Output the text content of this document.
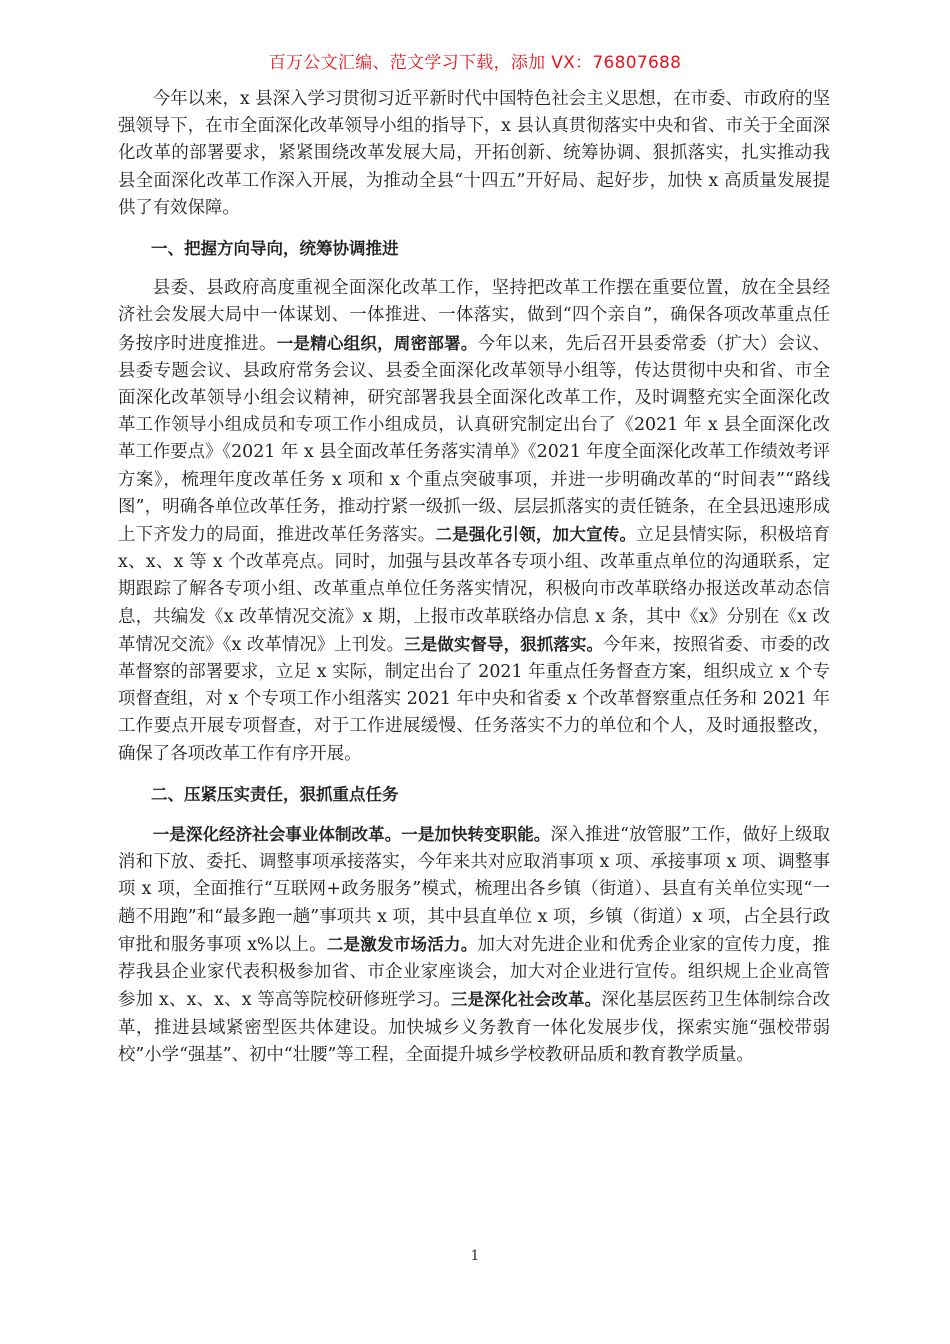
百万公文汇编、范文学习下载，添加 VX：76807688

今年以来，x 县深入学习贯彻习近平新时代中国特色社会主义思想，在市委、市政府的坚强领导下，在市全面深化改革领导小组的指导下，x 县认真贯彻落实中央和省、市关于全面深化改革的部署要求，紧紧围绕改革发展大局，开拓创新、统筹协调、狠抓落实，扎实推动我县全面深化改革工作深入开展，为推动全县“十四五”开好局、起好步，加快 x 高质量发展提供了有效保障。

一、把握方向导向，统筹协调推进

县委、县政府高度重视全面深化改革工作，坚持把改革工作摆在重要位置，放在全县经济社会发展大局中一体谋划、一体推进、一体落实，做到“四个亲自”，确保各项改革重点任务按序时进度推进。一是精心组织，周密部署。今年以来，先后召开县委常委（扩大）会议、县委专题会议、县政府常务会议、县委全面深化改革领导小组等，传达贯彻中央和省、市全面深化改革领导小组会议精神，研究部署我县全面深化改革工作，及时调整充实全面深化改革工作领导小组成员和专项工作小组成员，认真研究制定出台了《2021 年 x 县全面深化改革工作要点》《2021 年 x 县全面改革任务落实清单》《2021 年度全面深化改革工作绩效考评方案》，梳理年度改革任务 x 项和 x 个重点突破事项，并进一步明确改革的“时间表”“路线图”，明确各单位改革任务，推动拧紧一级抓一级、层层抓落实的责任链条，在全县迅速形成上下齐发力的局面，推进改革任务落实。二是强化引领，加大宣传。立足县情实际，积极培育 x、x、x 等 x 个改革亮点。同时，加强与县改革各专项小组、改革重点单位的沟通联系，定期跟踪了解各专项小组、改革重点单位任务落实情况，积极向市改革联络办报送改革动态信息，共编发《x 改革情况交流》x 期，上报市改革联络办信息 x 条，其中《x》分别在《x 改革情况交流》《x 改革情况》上刊发。三是做实督导，狠抓落实。今年来，按照省委、市委的改革督察的部署要求，立足 x 实际，制定出台了 2021 年重点任务督查方案，组织成立 x 个专项督查组，对 x 个专项工作小组落实 2021 年中央和省委 x 个改革督察重点任务和 2021 年工作要点开展专项督查，对于工作进展缓慢、任务落实不力的单位和个人，及时通报整改，确保了各项改革工作有序开展。

二、压紧压实责任，狠抓重点任务

一是深化经济社会事业体制改革。一是加快转变职能。深入推进“放管服”工作，做好上级取消和下放、委托、调整事项承接落实，今年来共对应取消事项 x 项、承接事项 x 项、调整事项 x 项，全面推行“互联网+政务服务”模式，梳理出各乡镇（街道）、县直有关单位实现“一趟不用跑”和“最多跑一趟”事项共 x 项，其中县直单位 x 项，乡镇（街道）x 项，占全县行政审批和服务事项 x%以上。二是激发市场活力。加大对先进企业和优秀企业家的宣传力度，推荐我县企业家代表积极参加省、市企业家座谈会，加大对企业进行宣传。组织规上企业高管参加 x、x、x、x 等高等院校研修班学习。三是深化社会改革。深化基层医药卫生体制综合改革，推进县域紧密型医共体建设。加快城乡义务教育一体化发展步伐，探索实施“强校带弱校”小学“强基”、初中“壮腰”等工程，全面提升城乡学校教研品质和教育教学质量。

1
